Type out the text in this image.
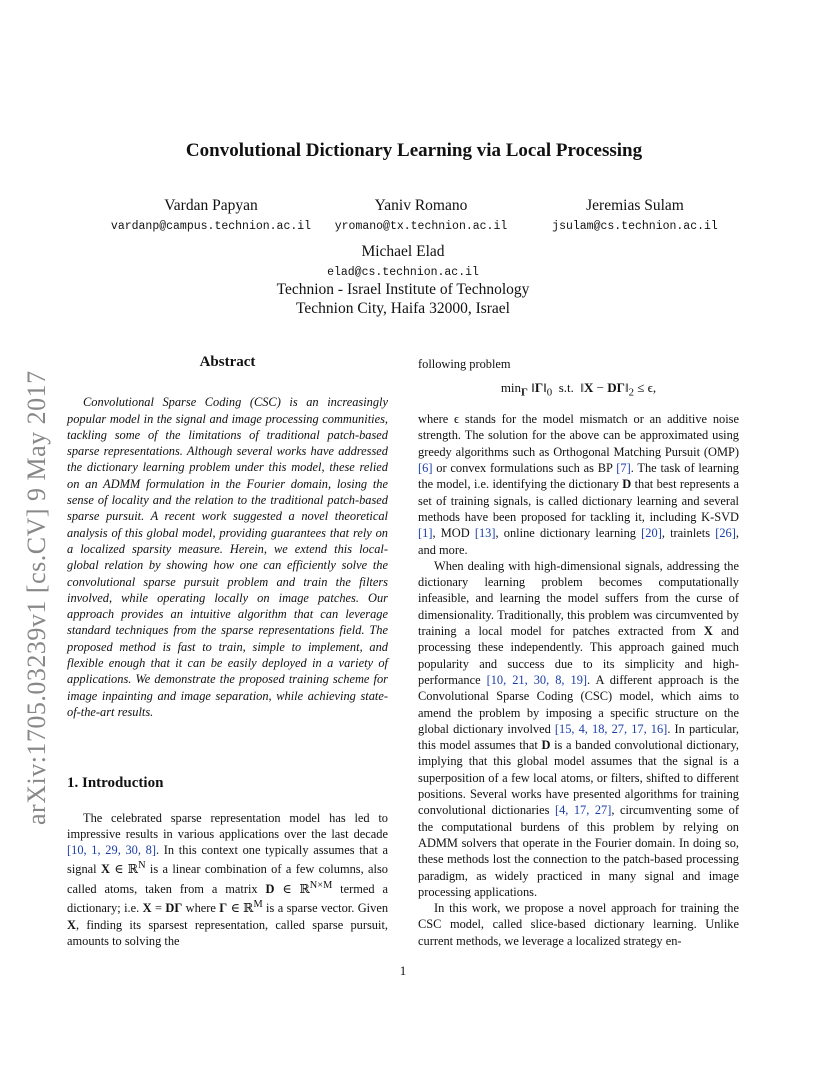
arXiv:1705.03239v1 [cs.CV] 9 May 2017
Convolutional Dictionary Learning via Local Processing
Vardan Papyan
vardanp@campus.technion.ac.il
Yaniv Romano
yromano@tx.technion.ac.il
Jeremias Sulam
jsulam@cs.technion.ac.il
Michael Elad
elad@cs.technion.ac.il
Technion - Israel Institute of Technology
Technion City, Haifa 32000, Israel
Abstract

Convolutional Sparse Coding (CSC) is an increasingly popular model in the signal and image processing communities, tackling some of the limitations of traditional patch-based sparse representations. Although several works have addressed the dictionary learning problem under this model, these relied on an ADMM formulation in the Fourier domain, losing the sense of locality and the relation to the traditional patch-based sparse pursuit. A recent work suggested a novel theoretical analysis of this global model, providing guarantees that rely on a localized sparsity measure. Herein, we extend this local-global relation by showing how one can efficiently solve the convolutional sparse pursuit problem and train the filters involved, while operating locally on image patches. Our approach provides an intuitive algorithm that can leverage standard techniques from the sparse representations field. The proposed method is fast to train, simple to implement, and flexible enough that it can be easily deployed in a variety of applications. We demonstrate the proposed training scheme for image inpainting and image separation, while achieving state-of-the-art results.

1. Introduction

The celebrated sparse representation model has led to impressive results in various applications over the last decade [10, 1, 29, 30, 8]. In this context one typically assumes that a signal X ∈ ℝ$^N$ is a linear combination of a few columns, also called atoms, taken from a matrix D ∈ ℝ$^{N\times M}$ termed a dictionary; i.e. X = DΓ where Γ ∈ ℝ$^M$ is a sparse vector. Given X, finding its sparsest representation, called sparse pursuit, amounts to solving the

following problem

$\min_\Gamma$ $‖\Gamma‖_0$  s.t.  ‖X − $D\Gamma‖_2 \le \epsilon$,

where ϵ stands for the model mismatch or an additive noise strength. The solution for the above can be approximated using greedy algorithms such as Orthogonal Matching Pursuit (OMP) [6] or convex formulations such as BP [7]. The task of learning the model, i.e. identifying the dictionary D that best represents a set of training signals, is called dictionary learning and several methods have been proposed for tackling it, including K-SVD [1], MOD [13], online dictionary learning [20], trainlets [26], and more.

When dealing with high-dimensional signals, addressing the dictionary learning problem becomes computationally infeasible, and learning the model suffers from the curse of dimensionality. Traditionally, this problem was circumvented by training a local model for patches extracted from X and processing these independently. This approach gained much popularity and success due to its simplicity and high-performance [10, 21, 30, 8, 19]. A different approach is the Convolutional Sparse Coding (CSC) model, which aims to amend the problem by imposing a specific structure on the global dictionary involved [15, 4, 18, 27, 17, 16]. In particular, this model assumes that D is a banded convolutional dictionary, implying that this global model assumes that the signal is a superposition of a few local atoms, or filters, shifted to different positions. Several works have presented algorithms for training convolutional dictionaries [4, 17, 27], circumventing some of the computational burdens of this problem by relying on ADMM solvers that operate in the Fourier domain. In doing so, these methods lost the connection to the patch-based processing paradigm, as widely practiced in many signal and image processing applications.

In this work, we propose a novel approach for training the CSC model, called slice-based dictionary learning. Unlike current methods, we leverage a localized strategy en-

1
